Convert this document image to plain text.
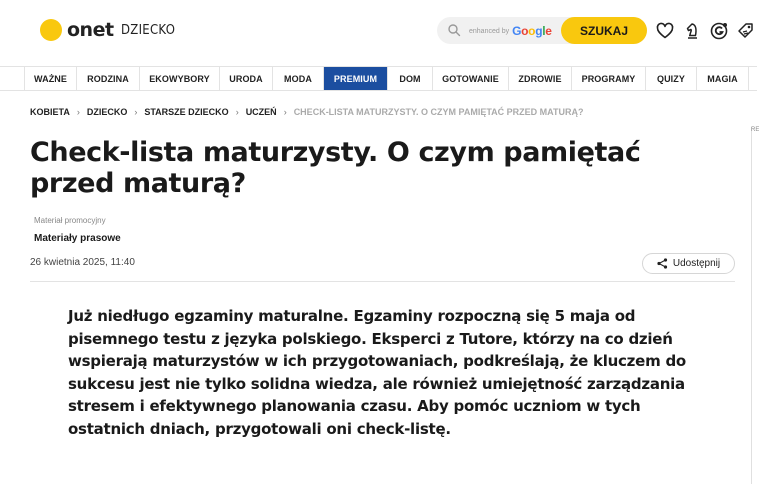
onet DZIECKO	enhanced by Google	SZUKAJ
WAŻNE	RODZINA	EKOWYBORY	URODA	MODA	PREMIUM	DOM	GOTOWANIE	ZDROWIE	PROGRAMY	QUIZY	MAGIA
KOBIETA › DZIECKO › STARSZE DZIECKO › UCZEŃ › CHECK-LISTA MATURZYSTY. O CZYM PAMIĘTAĆ PRZED MATURĄ?
RE
Check-lista maturzysty. O czym pamiętać przed maturą?
Materiał promocyjny
Materiały prasowe
26 kwietnia 2025, 11:40	Udostępnij

Już niedługo egzaminy maturalne. Egzaminy rozpoczną się 5 maja od pisemnego testu z języka polskiego. Eksperci z Tutore, którzy na co dzień wspierają maturzystów w ich przygotowaniach, podkreślają, że kluczem do sukcesu jest nie tylko solidna wiedza, ale również umiejętność zarządzania stresem i efektywnego planowania czasu. Aby pomóc uczniom w tych ostatnich dniach, przygotowali oni check-listę.
